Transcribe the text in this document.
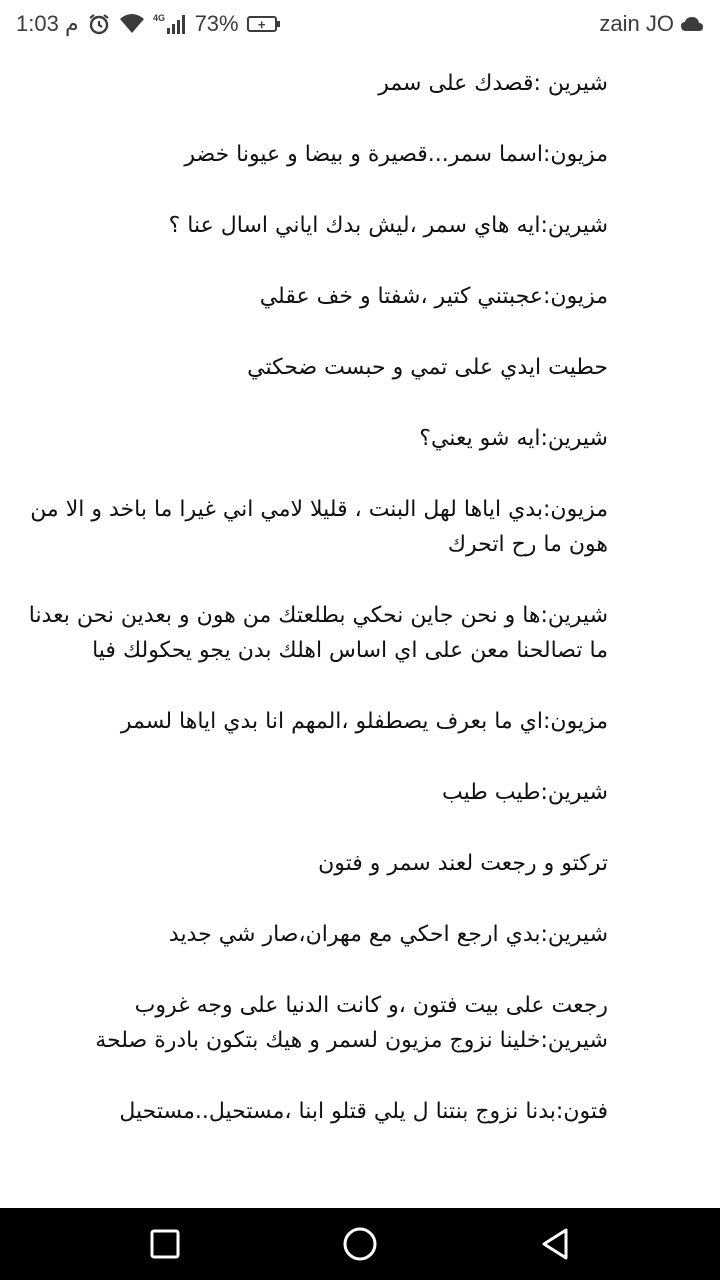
1:03 م	4G 73%	+	zain JO

شيرين :قصدك على سمر

مزيون:اسما سمر...قصيرة و بيضا و عيونا خضر

شيرين:ايه هاي سمر ،ليش بدك اياني اسال عنا ؟

مزيون:عجبتني كتير ،شفتا و خف عقلي

حطيت ايدي على تمي و حبست ضحكتي

شيرين:ايه شو يعني؟

مزيون:بدي اياها لهل البنت ، قليلا لامي اني غيرا ما باخد و الا من هون ما رح اتحرك

شيرين:ها و نحن جاين نحكي بطلعتك من هون و بعدين نحن بعدنا ما تصالحنا معن على اي اساس اهلك بدن يجو يحكولك فيا

مزيون:اي ما بعرف يصطفلو ،المهم انا بدي اياها لسمر

شيرين:طيب طيب

تركتو و رجعت لعند سمر و فتون

شيرين:بدي ارجع احكي مع مهران،صار شي جديد

رجعت على بيت فتون ،و كانت الدنيا على وجه غروب
شيرين:خلينا نزوج مزيون لسمر و هيك بتكون بادرة صلحة

فتون:بدنا نزوج بنتنا ل يلي قتلو ابنا ،مستحيل..مستحيل
